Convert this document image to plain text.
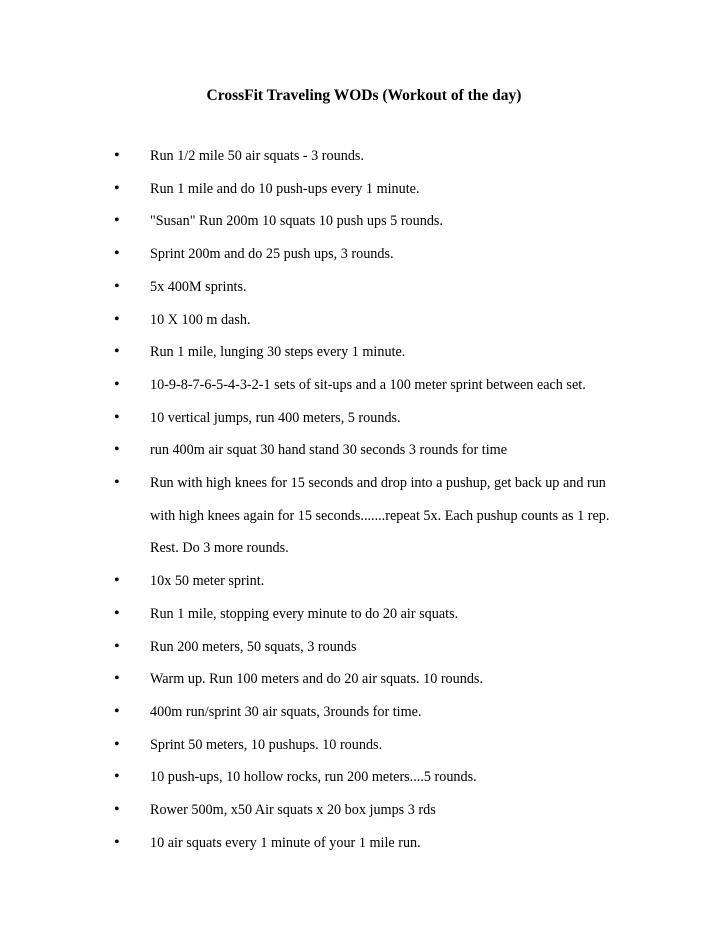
CrossFit Traveling WODs (Workout of the day)
• Run 1/2 mile 50 air squats - 3 rounds.
• Run 1 mile and do 10 push-ups every 1 minute.
• "Susan" Run 200m 10 squats 10 push ups 5 rounds.
• Sprint 200m and do 25 push ups, 3 rounds.
• 5x 400M sprints.
• 10 X 100 m dash.
• Run 1 mile, lunging 30 steps every 1 minute.
• 10-9-8-7-6-5-4-3-2-1 sets of sit-ups and a 100 meter sprint between each set.
• 10 vertical jumps, run 400 meters, 5 rounds.
• run 400m air squat 30 hand stand 30 seconds 3 rounds for time
• Run with high knees for 15 seconds and drop into a pushup, get back up and run
with high knees again for 15 seconds.......repeat 5x. Each pushup counts as 1 rep.
Rest. Do 3 more rounds.
• 10x 50 meter sprint.
• Run 1 mile, stopping every minute to do 20 air squats.
• Run 200 meters, 50 squats, 3 rounds
• Warm up. Run 100 meters and do 20 air squats. 10 rounds.
• 400m run/sprint 30 air squats, 3rounds for time.
• Sprint 50 meters, 10 pushups. 10 rounds.
• 10 push-ups, 10 hollow rocks, run 200 meters....5 rounds.
• Rower 500m, x50 Air squats x 20 box jumps 3 rds
• 10 air squats every 1 minute of your 1 mile run.
